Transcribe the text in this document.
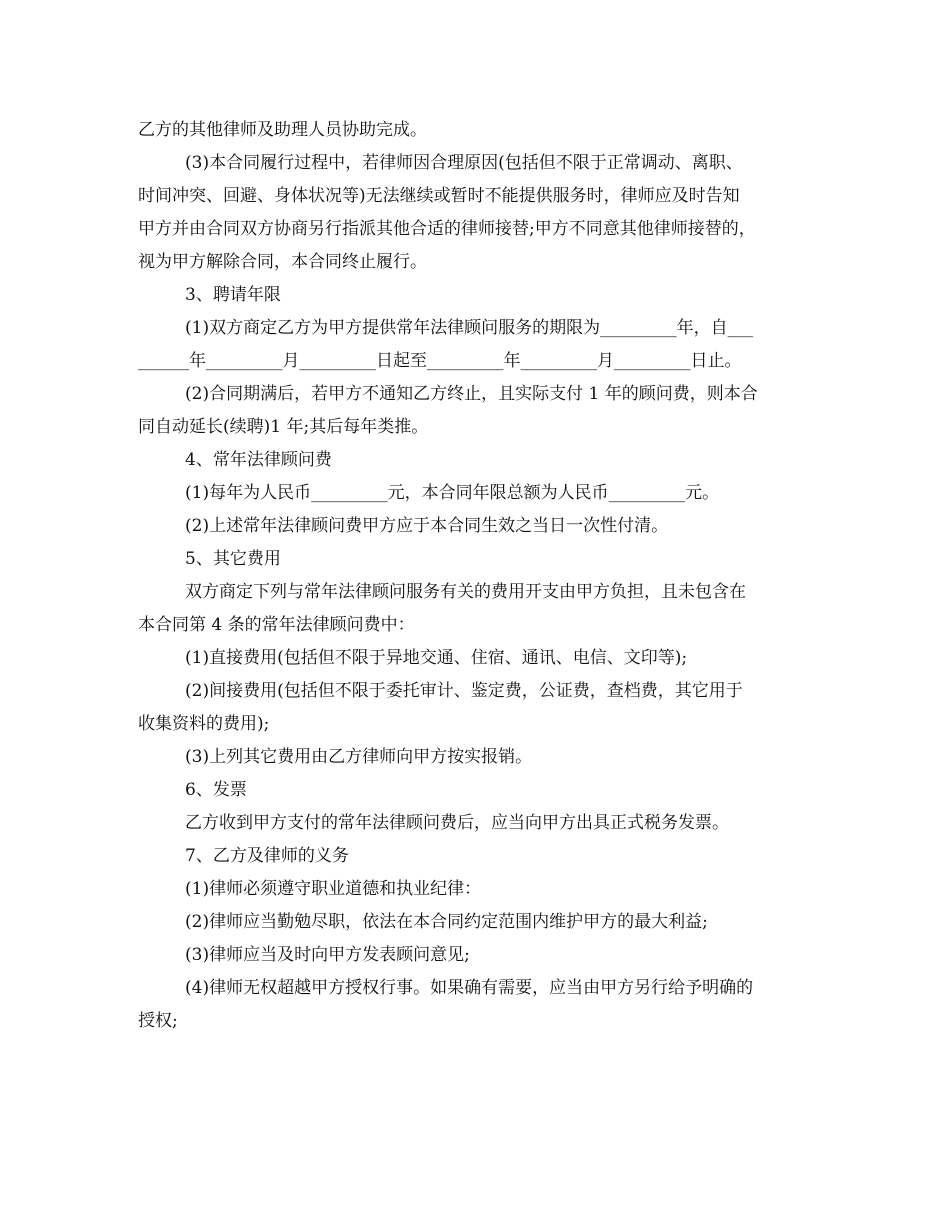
乙方的其他律师及助理人员协助完成。
(3)本合同履行过程中，若律师因合理原因(包括但不限于正常调动、离职、
时间冲突、回避、身体状况等)无法继续或暂时不能提供服务时，律师应及时告知
甲方并由合同双方协商另行指派其他合适的律师接替;甲方不同意其他律师接替的，
视为甲方解除合同，本合同终止履行。
3、聘请年限
(1)双方商定乙方为甲方提供常年法律顾问服务的期限为_________年，自___
______年_________月_________日起至_________年_________月_________日止。
(2)合同期满后，若甲方不通知乙方终止，且实际支付 1 年的顾问费，则本合
同自动延长(续聘)1 年;其后每年类推。
4、常年法律顾问费
(1)每年为人民币_________元，本合同年限总额为人民币_________元。
(2)上述常年法律顾问费甲方应于本合同生效之当日一次性付清。
5、其它费用
双方商定下列与常年法律顾问服务有关的费用开支由甲方负担，且未包含在
本合同第 4 条的常年法律顾问费中：
(1)直接费用(包括但不限于异地交通、住宿、通讯、电信、文印等);
(2)间接费用(包括但不限于委托审计、鉴定费，公证费，查档费，其它用于
收集资料的费用);
(3)上列其它费用由乙方律师向甲方按实报销。
6、发票
乙方收到甲方支付的常年法律顾问费后，应当向甲方出具正式税务发票。
7、乙方及律师的义务
(1)律师必须遵守职业道德和执业纪律：
(2)律师应当勤勉尽职，依法在本合同约定范围内维护甲方的最大利益;
(3)律师应当及时向甲方发表顾问意见;
(4)律师无权超越甲方授权行事。如果确有需要，应当由甲方另行给予明确的
授权;
